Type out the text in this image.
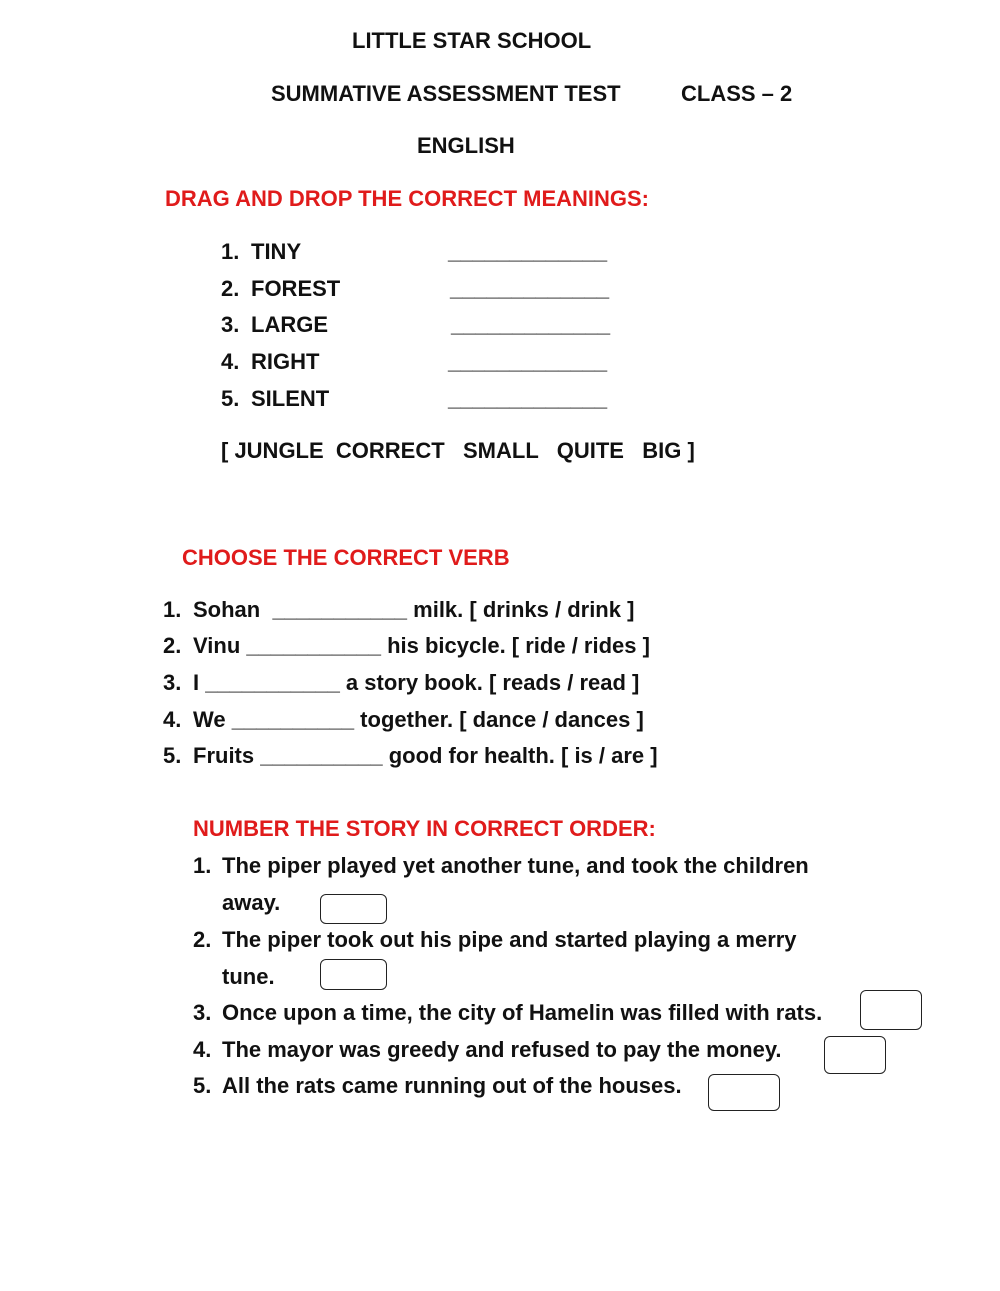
LITTLE STAR SCHOOL
SUMMATIVE ASSESSMENT TEST	CLASS – 2
ENGLISH
DRAG AND DROP THE CORRECT MEANINGS:
1. TINY	_____________
2. FOREST	_____________
3. LARGE	_____________
4. RIGHT	_____________
5. SILENT	_____________
[ JUNGLE  CORRECT   SMALL   QUITE   BIG ]
CHOOSE THE CORRECT VERB
1. Sohan  ___________ milk. [ drinks / drink ]
2. Vinu ___________ his bicycle. [ ride / rides ]
3. I ___________ a story book. [ reads / read ]
4. We __________ together. [ dance / dances ]
5. Fruits __________ good for health. [ is / are ]
NUMBER THE STORY IN CORRECT ORDER:
1. The piper played yet another tune, and took the children
away.
2. The piper took out his pipe and started playing a merry
tune.
3. Once upon a time, the city of Hamelin was filled with rats.
4. The mayor was greedy and refused to pay the money.
5. All the rats came running out of the houses.
